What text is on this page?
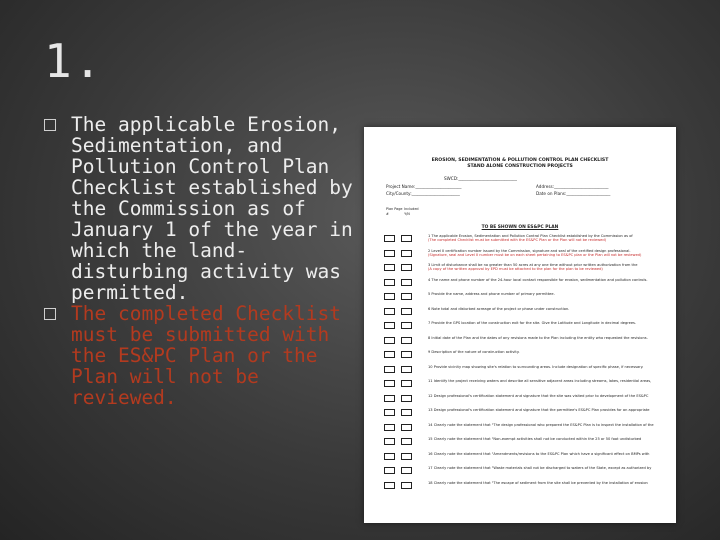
1.
The applicable Erosion, Sedimentation, and Pollution Control Plan Checklist established by the Commission as of January 1 of the year in which the land-disturbing activity was permitted.
The completed Checklist must be submitted with the ES&PC Plan or the Plan will not be reviewed.
EROSION, SEDIMENTATION & POLLUTION CONTROL PLAN CHECKLIST
STAND ALONE CONSTRUCTION PROJECTS
SWCD:____________________________
Project Name:______________________	Address:__________________________
City/County:_______________________	Date on Plans:_____________________
Plan Page # Included Y/N
TO BE SHOWN ON ES&PC PLAN
1 The applicable Erosion, Sedimentation and Pollution Control Plan Checklist established by the Commission as of
(The completed Checklist must be submitted with the ES&PC Plan or the Plan will not be reviewed)
2 Level II certification number issued by the Commission, signature and seal of the certified design professional.
(Signature, seal and Level II number must be on each sheet pertaining to ES&PC plan or the Plan will not be reviewed)
3 Limit of disturbance shall be no greater than 50 acres at any one time without prior written authorization from the
(A copy of the written approval by EPD must be attached to the plan for the plan to be reviewed)
4 The name and phone number of the 24-hour local contact responsible for erosion, sedimentation and pollution controls.
5 Provide the name, address and phone number of primary permittee.
6 Note total and disturbed acreage of the project or phase under construction.
7 Provide the GPS location of the construction exit for the site. Give the Latitude and Longitude in decimal degrees.
8 Initial date of the Plan and the dates of any revisions made to the Plan including the entity who requested the revisions.
9 Description of the nature of construction activity.
10 Provide vicinity map showing site's relation to surrounding areas. Include designation of specific phase, if necessary.
11 Identify the project receiving waters and describe all sensitive adjacent areas including streams, lakes, residential areas,
12 Design professional's certification statement and signature that the site was visited prior to development of the ES&PC
13 Design professional's certification statement and signature that the permittee's ES&PC Plan provides for an appropriate
14 Clearly note the statement that "The design professional who prepared the ES&PC Plan is to inspect the installation of the
15 Clearly note the statement that "Non-exempt activities shall not be conducted within the 25 or 50 foot undisturbed
16 Clearly note the statement that "Amendments/revisions to the ES&PC Plan which have a significant effect on BMPs with
17 Clearly note the statement that "Waste materials shall not be discharged to waters of the State, except as authorized by
18 Clearly note the statement that "The escape of sediment from the site shall be prevented by the installation of erosion
